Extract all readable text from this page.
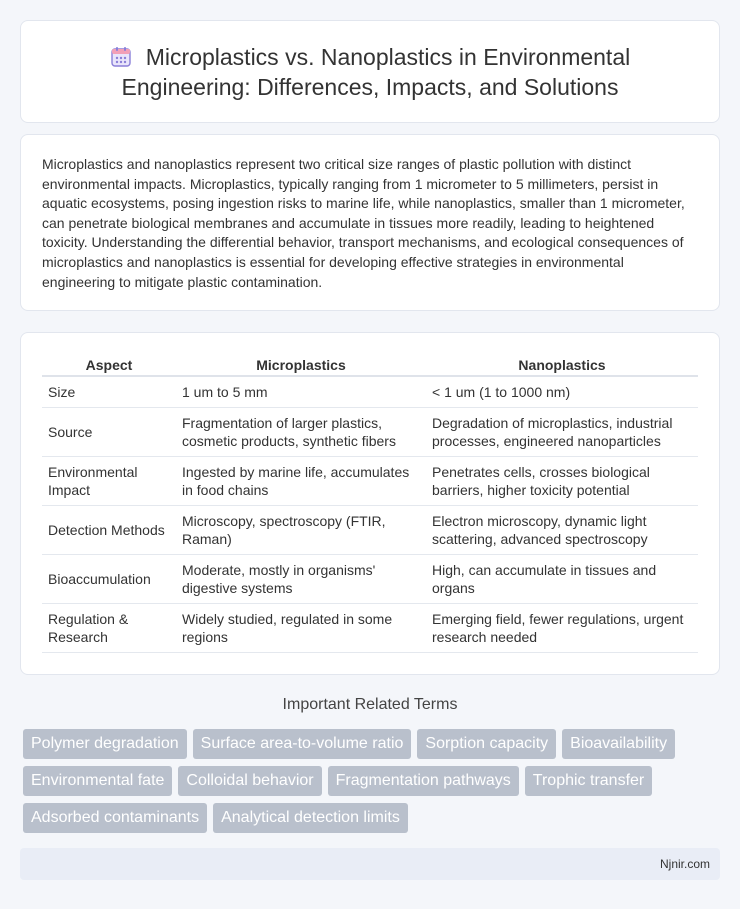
Microplastics vs. Nanoplastics in Environmental Engineering: Differences, Impacts, and Solutions

Microplastics and nanoplastics represent two critical size ranges of plastic pollution with distinct environmental impacts. Microplastics, typically ranging from 1 micrometer to 5 millimeters, persist in aquatic ecosystems, posing ingestion risks to marine life, while nanoplastics, smaller than 1 micrometer, can penetrate biological membranes and accumulate in tissues more readily, leading to heightened toxicity. Understanding the differential behavior, transport mechanisms, and ecological consequences of microplastics and nanoplastics is essential for developing effective strategies in environmental engineering to mitigate plastic contamination.

Aspect	Microplastics	Nanoplastics
Size	1 um to 5 mm	< 1 um (1 to 1000 nm)
Source	Fragmentation of larger plastics, cosmetic products, synthetic fibers	Degradation of microplastics, industrial processes, engineered nanoparticles
Environmental Impact	Ingested by marine life, accumulates in food chains	Penetrates cells, crosses biological barriers, higher toxicity potential
Detection Methods	Microscopy, spectroscopy (FTIR, Raman)	Electron microscopy, dynamic light scattering, advanced spectroscopy
Bioaccumulation	Moderate, mostly in organisms' digestive systems	High, can accumulate in tissues and organs
Regulation & Research	Widely studied, regulated in some regions	Emerging field, fewer regulations, urgent research needed
Important Related Terms
Polymer degradation	Surface area-to-volume ratio	Sorption capacity	Bioavailability
Environmental fate	Colloidal behavior	Fragmentation pathways	Trophic transfer
Adsorbed contaminants	Analytical detection limits
Njnir.com
